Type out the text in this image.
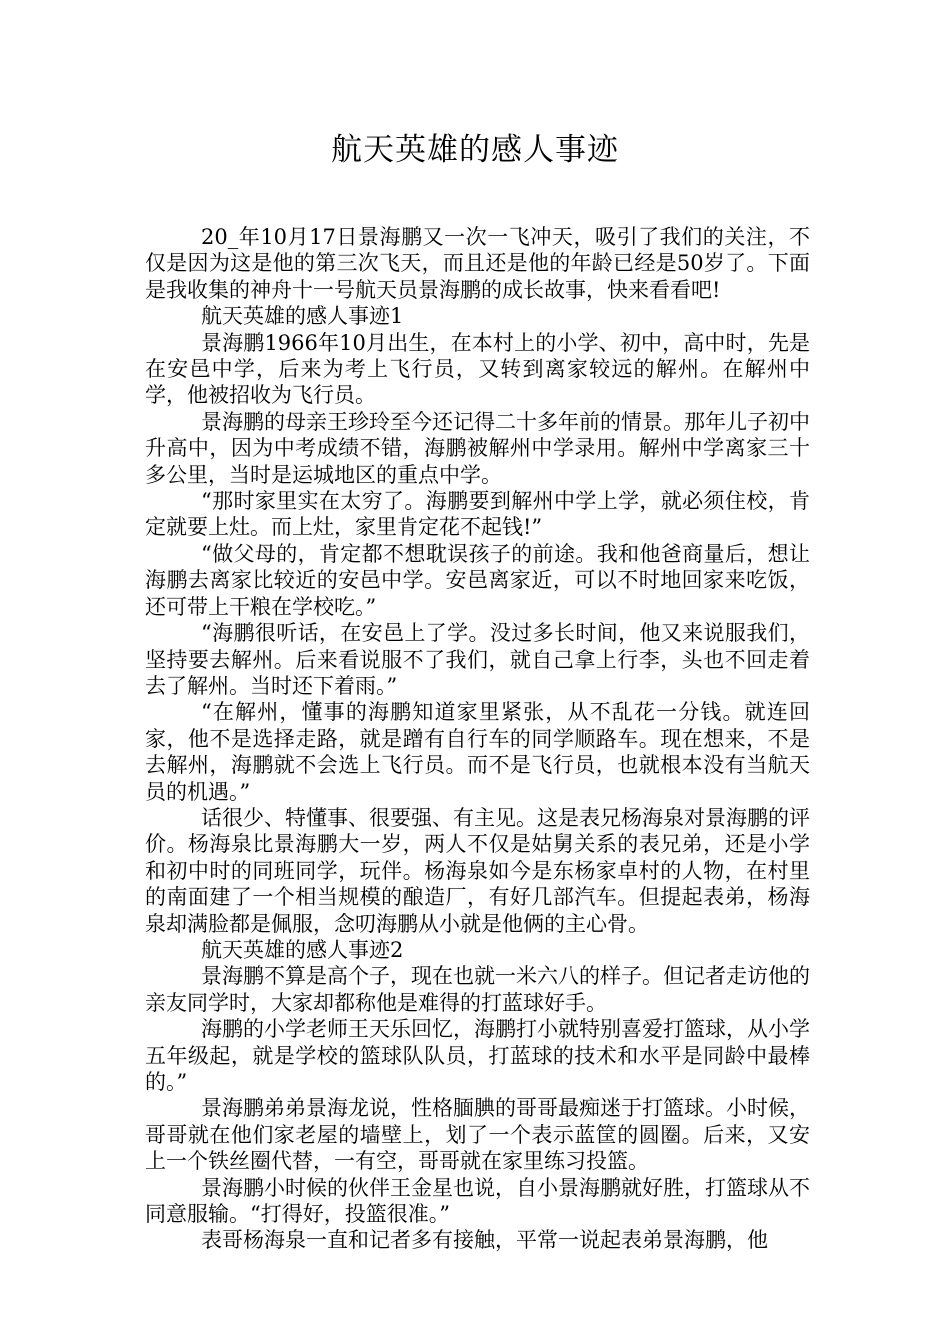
航天英雄的感人事迹

20_年10月17日景海鹏又一次一飞冲天，吸引了我们的关注，不仅是因为这是他的第三次飞天，而且还是他的年龄已经是50岁了。下面是我收集的神舟十一号航天员景海鹏的成长故事，快来看看吧!

航天英雄的感人事迹1

景海鹏1966年10月出生，在本村上的小学、初中，高中时，先是在安邑中学，后来为考上飞行员，又转到离家较远的解州。在解州中学，他被招收为飞行员。

景海鹏的母亲王珍玲至今还记得二十多年前的情景。那年儿子初中升高中，因为中考成绩不错，海鹏被解州中学录用。解州中学离家三十多公里，当时是运城地区的重点中学。

“那时家里实在太穷了。海鹏要到解州中学上学，就必须住校，肯定就要上灶。而上灶，家里肯定花不起钱!”

“做父母的，肯定都不想耽误孩子的前途。我和他爸商量后，想让海鹏去离家比较近的安邑中学。安邑离家近，可以不时地回家来吃饭，还可带上干粮在学校吃。”

“海鹏很听话，在安邑上了学。没过多长时间，他又来说服我们，坚持要去解州。后来看说服不了我们，就自己拿上行李，头也不回走着去了解州。当时还下着雨。”

“在解州，懂事的海鹏知道家里紧张，从不乱花一分钱。就连回家，他不是选择走路，就是蹭有自行车的同学顺路车。现在想来，不是去解州，海鹏就不会选上飞行员。而不是飞行员，也就根本没有当航天员的机遇。”

话很少、特懂事、很要强、有主见。这是表兄杨海泉对景海鹏的评价。杨海泉比景海鹏大一岁，两人不仅是姑舅关系的表兄弟，还是小学和初中时的同班同学，玩伴。杨海泉如今是东杨家卓村的人物，在村里的南面建了一个相当规模的酿造厂，有好几部汽车。但提起表弟，杨海泉却满脸都是佩服，念叨海鹏从小就是他俩的主心骨。

航天英雄的感人事迹2

景海鹏不算是高个子，现在也就一米六八的样子。但记者走访他的亲友同学时，大家却都称他是难得的打蓝球好手。

海鹏的小学老师王天乐回忆，海鹏打小就特别喜爱打篮球，从小学五年级起，就是学校的篮球队队员，打蓝球的技术和水平是同龄中最棒的。”

景海鹏弟弟景海龙说，性格腼腆的哥哥最痴迷于打篮球。小时候，哥哥就在他们家老屋的墙壁上，划了一个表示蓝筐的圆圈。后来，又安上一个铁丝圈代替，一有空，哥哥就在家里练习投篮。

景海鹏小时候的伙伴王金星也说，自小景海鹏就好胜，打篮球从不同意服输。“打得好，投篮很准。”

表哥杨海泉一直和记者多有接触，平常一说起表弟景海鹏，他
